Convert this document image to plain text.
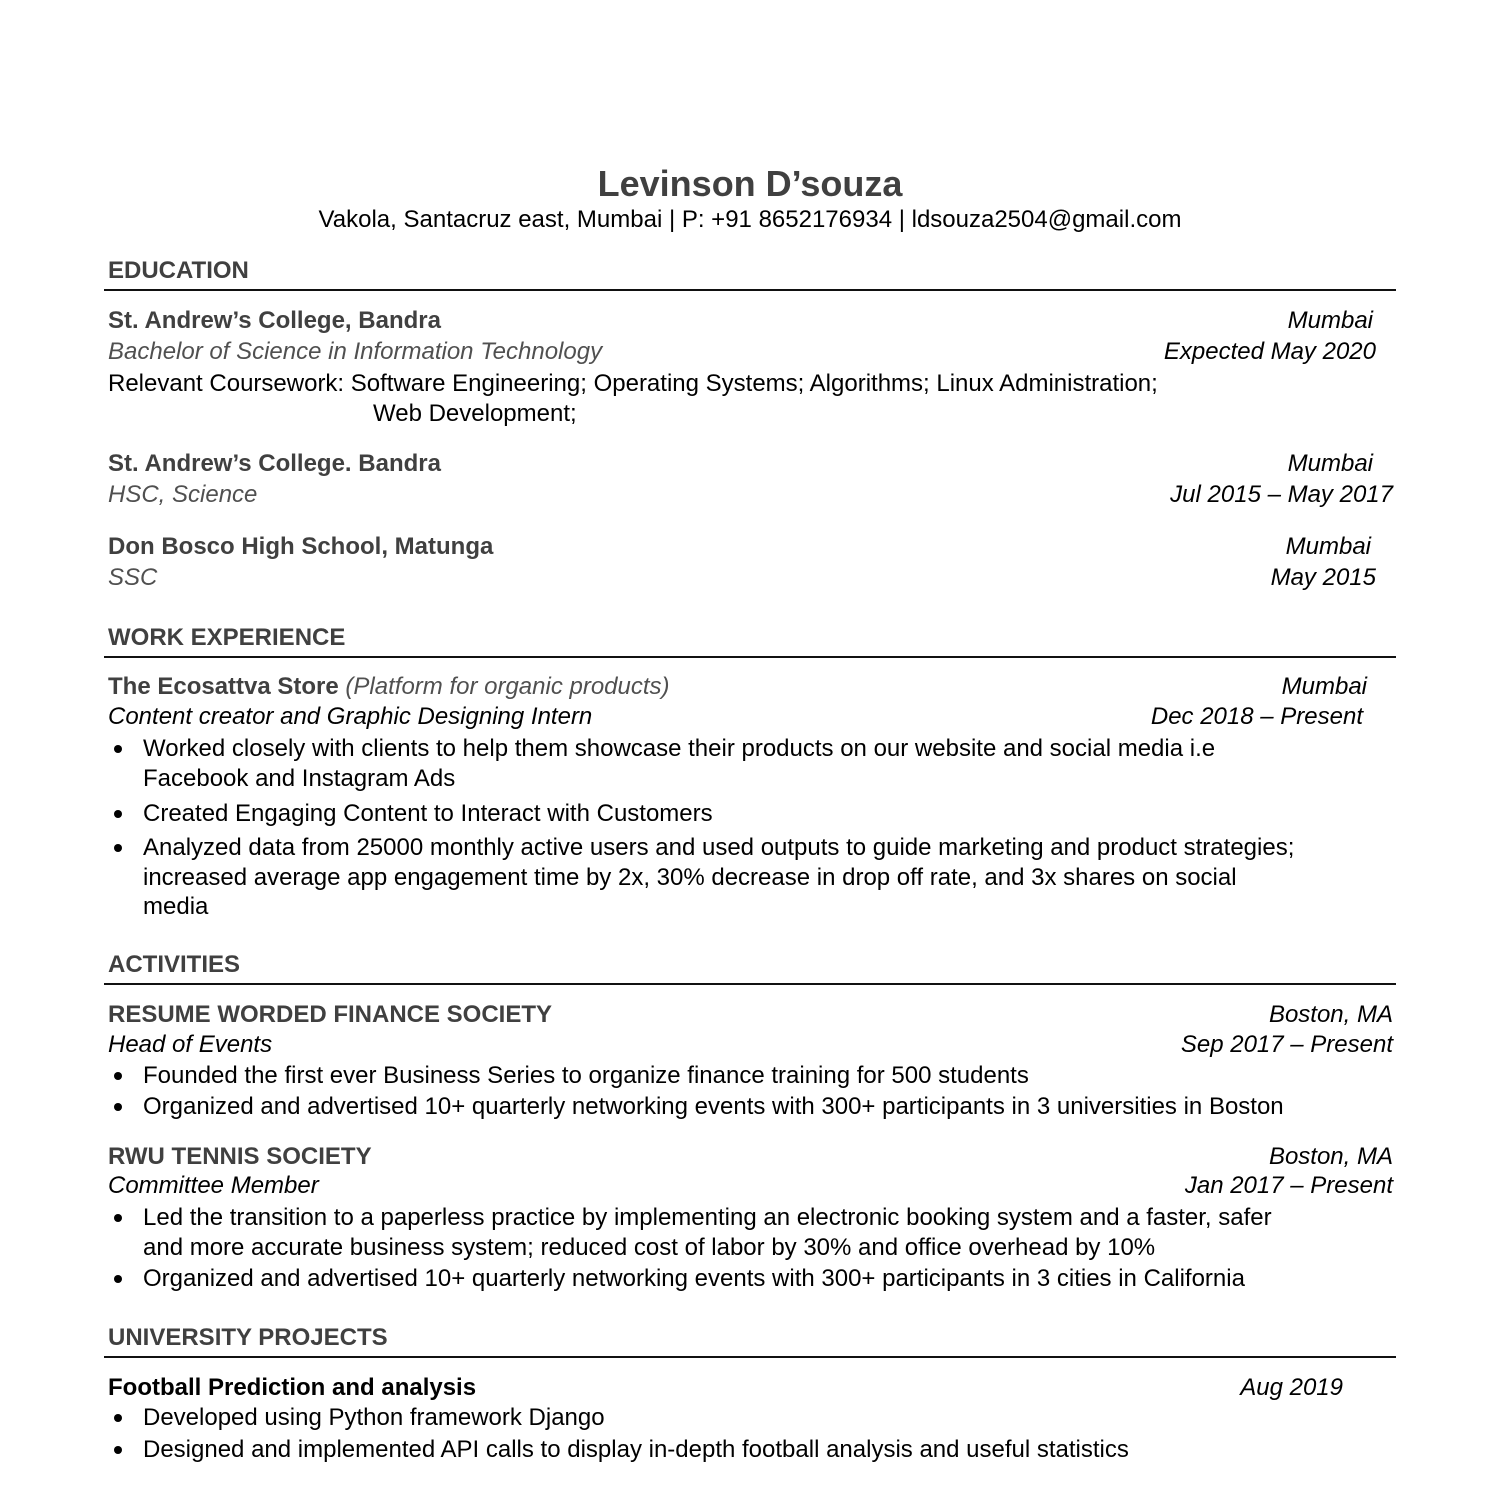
Levinson D’souza
Vakola, Santacruz east, Mumbai | P: +91 8652176934 | ldsouza2504@gmail.com
EDUCATION
St. Andrew’s College, Bandra	Mumbai
Bachelor of Science in Information Technology	Expected May 2020
Relevant Coursework: Software Engineering; Operating Systems; Algorithms; Linux Administration;
Web Development;
St. Andrew’s College. Bandra	Mumbai
HSC, Science	Jul 2015 – May 2017
Don Bosco High School, Matunga	Mumbai
SSC	May 2015
WORK EXPERIENCE
The Ecosattva Store (Platform for organic products)	Mumbai
Content creator and Graphic Designing Intern	Dec 2018 – Present
Worked closely with clients to help them showcase their products on our website and social media i.e
Facebook and Instagram Ads
Created Engaging Content to Interact with Customers
Analyzed data from 25000 monthly active users and used outputs to guide marketing and product strategies;
increased average app engagement time by 2x, 30% decrease in drop off rate, and 3x shares on social
media
ACTIVITIES
RESUME WORDED FINANCE SOCIETY	Boston, MA
Head of Events	Sep 2017 – Present
Founded the first ever Business Series to organize finance training for 500 students
Organized and advertised 10+ quarterly networking events with 300+ participants in 3 universities in Boston
RWU TENNIS SOCIETY	Boston, MA
Committee Member	Jan 2017 – Present
Led the transition to a paperless practice by implementing an electronic booking system and a faster, safer
and more accurate business system; reduced cost of labor by 30% and office overhead by 10%
Organized and advertised 10+ quarterly networking events with 300+ participants in 3 cities in California
UNIVERSITY PROJECTS
Football Prediction and analysis	Aug 2019
Developed using Python framework Django
Designed and implemented API calls to display in-depth football analysis and useful statistics
